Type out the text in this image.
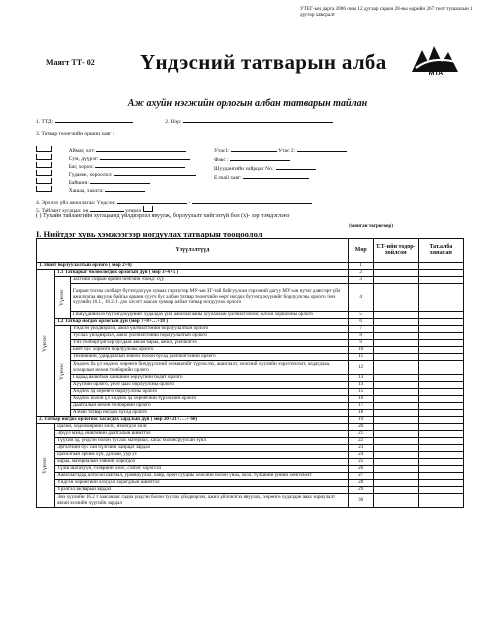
УТЕГ-ын дарга 2006 оны 12 дугаар сарын 28-ны өдрийн 267 тоот тушаалын 1 дүгээр хавсралт
Маягт ТТ- 02 Үндэсний татварын алба	MTA
Аж ахуйн нэгжийн орлогын албан татварын тайлан
1. ТТД:	2. Нэр:
3. Татвар төлөгчийн оршин хаяг :
Аймаг, хот:
Сум, дүүрэг:
Баг, хороо:
Гудамж, хороолол:
Байшин:
Хашаа, хаалга:
Утас1:	Утас 2:
Факс :
Шуудангийн хайрцаг No.:
E-mail хаяг:
4. Эрхлэх үйл ажиллагаа: Үндсэн:	-
5. Тайлант хугацаа: он	улирал
( ) Тухайн тайлангийн хугацаанд үйлдвэрлэл явуулж, борлуулалт хийгээгүй бол (х)- зэр тэмдэглэнэ
(мянган төгрөгөөр)
I. Нийтдэг хувь хэмжээгээр ногдуулах татварын тооцоолол
Үзүүлэлтүүд			Мөр	Т.Т-ийн тодор-хойлсон	Тат.алба хянасан
1. Нийт борлуулалтын орлого ( мөр 2+6)			1		
Үүнээс	1.1 Татварыг чөлөөлөгдөх орлогын дүн ( мөр 3+4+5 )		2		
	Үүнээс	Засгийн газрын өрийн бичгийн /бонд/ хүү	3		
		Газрын тосны салбарт бүтээгдэхүүн хуваах гэрээгээр МУ-ын ЗГ-тай байгуулсан гэрээний дагуу МУ-ын нутаг дэвсгэрт үйл ажиллагаа явуулж байгаа оршин суугч бус албан татвар төлөгчийн өөрт ногдох бүтээгдэхүүнийг борлуулсны орлого /энэ хуулийн 16.1., 16.2.1. дэх хэсэгт заасан хувиар албан татвар ногдуулах орлого	4		
		Гишүүдийнхээ бүтээгдэхүүнийг худалдах үйл ажиллагааны зуучлалын үйлчилгээнээс олсон хоршооны орлого	5		
	1.2 Татвар ногдох орлогын дүн (мөр 7+8+…+18 )		6		
	Үүнээс	Үндсэн үйлдвэрлэл, ажил үйлчилгээний борлуулалтын орлого	7		
		Туслах үйлдвэрлэл, ажил үйлчилгээний борлуулалтын орлого	8		
		Үнэ төлбөргүйгээр бусдаас авсан бараа, ажил, үйлчилгээ	9		
		Биет бус хөрөнгө борлуулсны орлого	10		
		Техникийн, удирдлагын зөвлөх болон бусад үйлчилгээний орлого	11		
		Хөдлөх ба үл хөдлөх хөрөнгө бичдүүлсний эзэмшлийг түрээслэх, ашиглалт, хөлсний хуулийн хэрэглээлэлт, алдагдлаа, хохирлын нөхөн төлбөрийн орлого	12		
		Гадаад валютын ханшийн зөрүүгийн бодит орлого	13		
		Хүүгийн орлого, үнэт цаас борлуулсны орлого	14		
		Хөдлөх эд хөрөнгө борлуулсны орлого	15		
		Хөдлөх болон үл хөдлөх эд хөрөнгийн түрээсийн орлого	16		
		Даатгалын нөхөн төлбөрийн орлого	17		
		Албан татвар ногдох бусад орлого	18		
2. Татвар ногдох орлогоос хасагдах зардлын дүн ( мөр 20+21+. . .+ 60)			19		
Үүнээс	Цалин, хөдөлмөрийн хөлс, нэмэгдэл хөлс		20		
	Эрүүл мэнд, нийгмийн даатгалын шимтгэл		21		
	Түүхий эд, үндсэн болон туслах материал, хагас боловсруулсан зүйл		22		
	Эргэлтийн бус сан бүлгийн хайрцаг зардал		23		
	Цахилгаан эрчим хүч, дулаан, уур ус		24		
	Бараа, материалын хэвийн хорогдол		25		
	Түлш шатахуун, тээврийн хөлс, сэлбэг хэрэгсэл		26		
	Ажиллагчдад олгосон шагнал, урамшуулал, байр, орон сууцны хөлсийн болон унаа, хоол, түлшний үнийн хөнгөлөлт		27		
	Үндсэн хөрөнгийн элэгдэл хорогдлын шимтгэл		28		
	Үрэлгэл засварын зардал		29		
	Энэ хуулийн 16.2 т заасанаас гадна үндсэн болон туслах үйлдвэрлэл, ажил үйлчилгээ явуулах, хөрөнгө худалдан авах зориулалт авсан зээлийн хүүгийн зардал		30		
